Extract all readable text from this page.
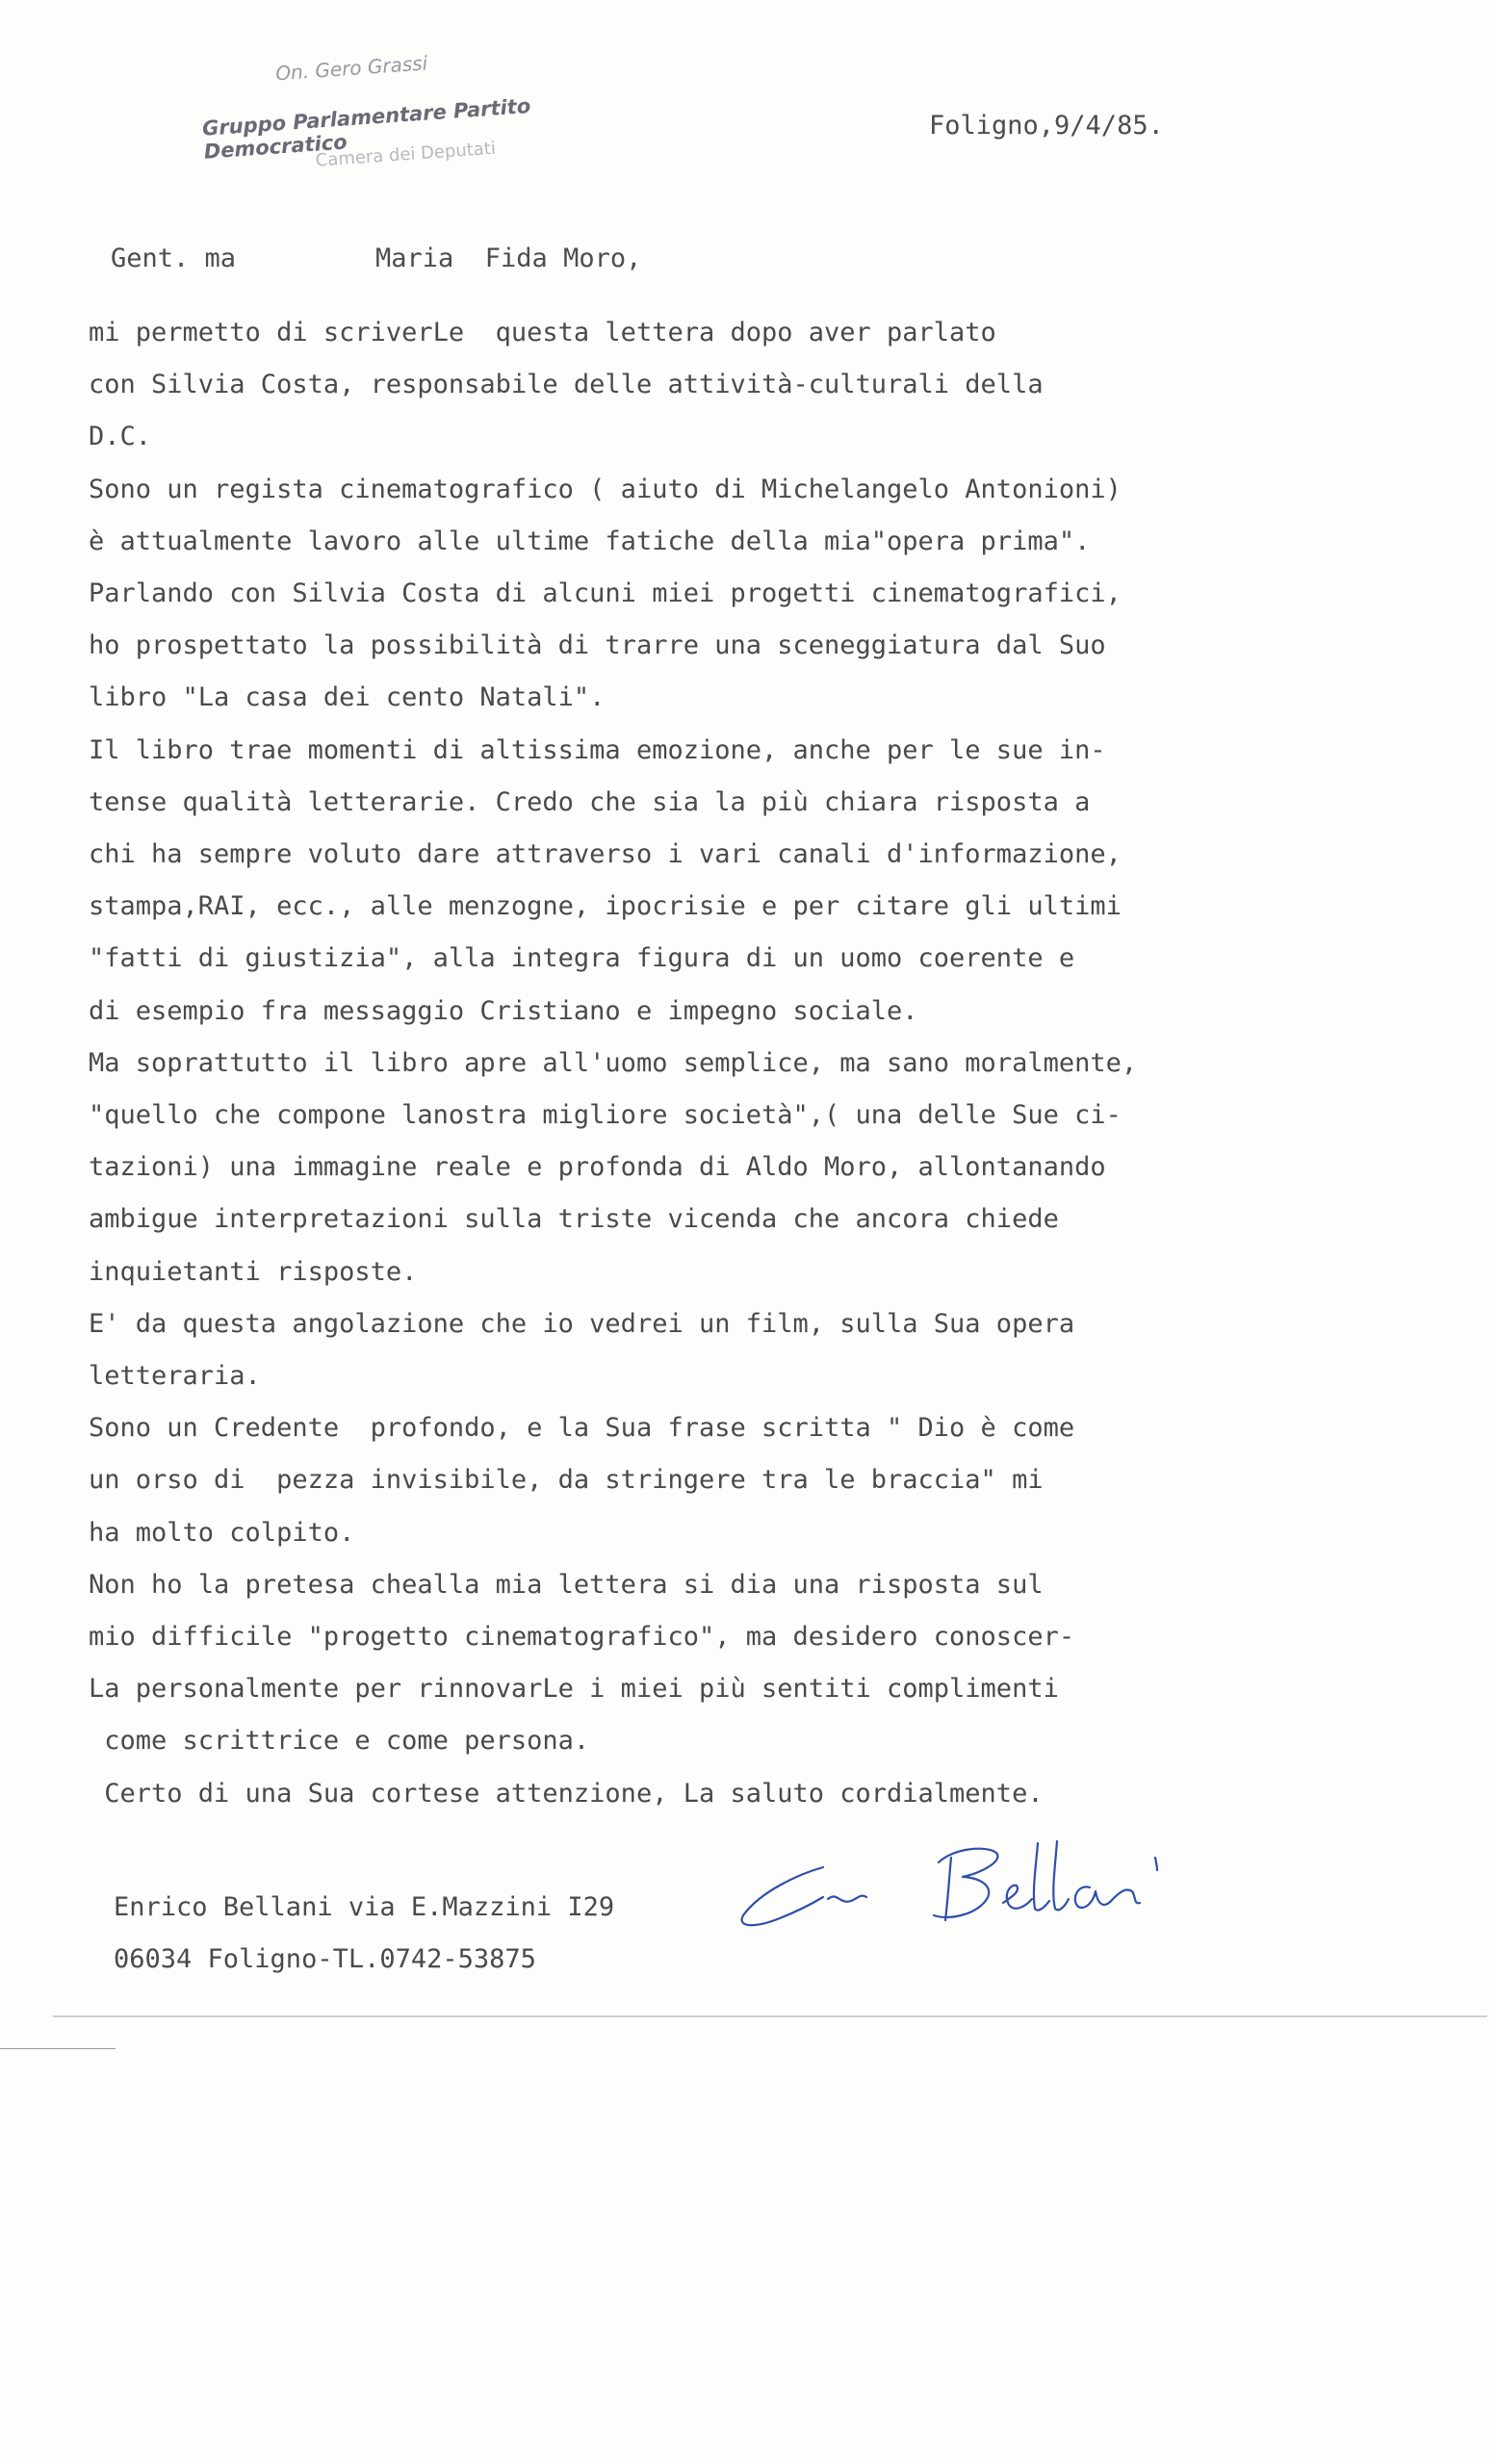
On. Gero Grassi
Gruppo Parlamentare Partito Democratico
Camera dei Deputati
Foligno,9/4/85.
Gent. ma	Maria  Fida Moro,
mi permetto di scriverLe  questa lettera dopo aver parlato
con Silvia Costa, responsabile delle attività-culturali della
D.C.
Sono un regista cinematografico ( aiuto di Michelangelo Antonioni)
è attualmente lavoro alle ultime fatiche della mia"opera prima".
Parlando con Silvia Costa di alcuni miei progetti cinematografici,
ho prospettato la possibilità di trarre una sceneggiatura dal Suo
libro "La casa dei cento Natali".
Il libro trae momenti di altissima emozione, anche per le sue in-
tense qualità letterarie. Credo che sia la più chiara risposta a
chi ha sempre voluto dare attraverso i vari canali d'informazione,
stampa,RAI, ecc., alle menzogne, ipocrisie e per citare gli ultimi
"fatti di giustizia", alla integra figura di un uomo coerente e
di esempio fra messaggio Cristiano e impegno sociale.
Ma soprattutto il libro apre all'uomo semplice, ma sano moralmente,
"quello che compone lanostra migliore società",( una delle Sue ci-
tazioni) una immagine reale e profonda di Aldo Moro, allontanando
ambigue interpretazioni sulla triste vicenda che ancora chiede
inquietanti risposte.
E' da questa angolazione che io vedrei un film, sulla Sua opera
letteraria.
Sono un Credente  profondo, e la Sua frase scritta " Dio è come
un orso di  pezza invisibile, da stringere tra le braccia" mi
ha molto colpito.
Non ho la pretesa chealla mia lettera si dia una risposta sul
mio difficile "progetto cinematografico", ma desidero conoscer-
La personalmente per rinnovarLe i miei più sentiti complimenti
come scrittrice e come persona.
Certo di una Sua cortese attenzione, La saluto cordialmente.
Enrico Bellani via E.Mazzini I29
06034 Foligno-TL.0742-53875
